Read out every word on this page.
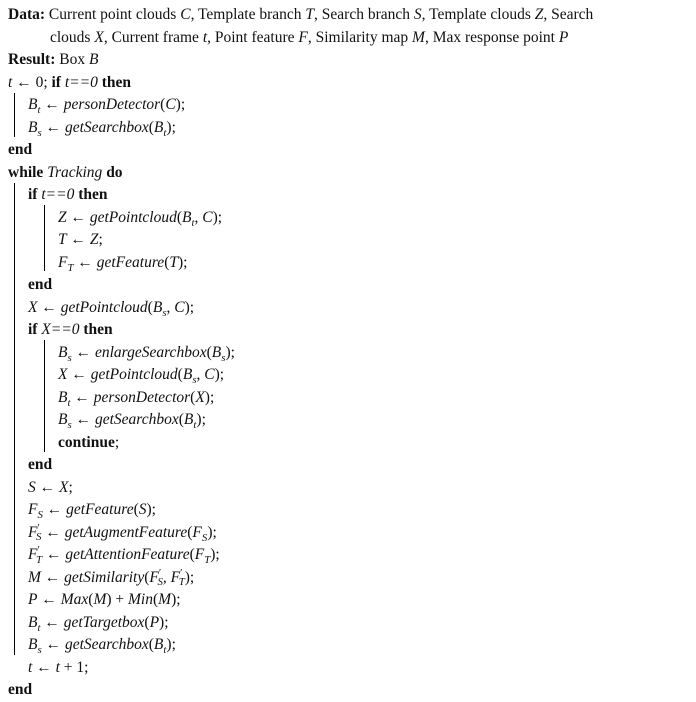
Data: Current point clouds C, Template branch T, Search branch S, Template clouds Z, Search
clouds X, Current frame t, Point feature F, Similarity map M, Max response point P
Result: Box B
t ← 0; if t==0 then
$B_t$ ← personDetector(C);
$B_s$ ← $getSearchbox(B_t)$;
end
while Tracking do
if t==0 then
Z ← $getPointcloud(B_t$, C);
T ← Z;
$F_T$ ← getFeature(T);
end
X ← $getPointcloud(B_s$, C);
if X==0 then
$B_s$ ← $enlargeSearchbox(B_s)$;
X ← $getPointcloud(B_s$, C);
$B_t$ ← personDetector(X);
$B_s$ ← $getSearchbox(B_t)$;
continue;
end
S ← X;
$F_S$ ← getFeature(S);
$F'_S$ ← $getAugmentFeature(F_S)$;
$F'_T$ ← $getAttentionFeature(F_T)$;
M ← $getSimilarity(F'_S$, $F'_T$);
P ← Max(M) + Min(M);
$B_t$ ← getTargetbox(P);
$B_s$ ← $getSearchbox(B_t)$;
t ← t + 1;
end
